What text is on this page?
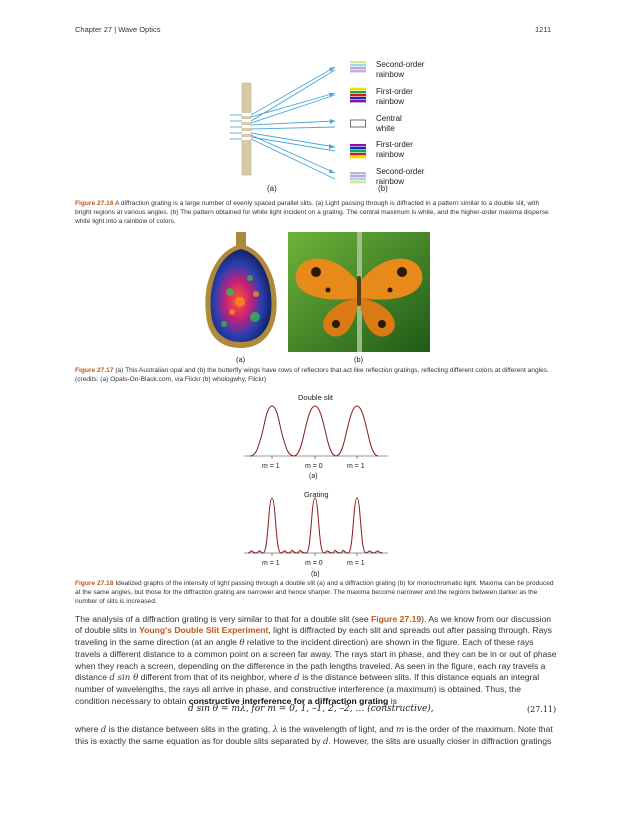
Chapter 27 | Wave Optics	1211
(a)	(b)
Second-order
rainbow
First-order
rainbow
Central
white
First-order
rainbow
Second-order
rainbow
Figure 27.16 A diffraction grating is a large number of evenly spaced parallel slits. (a) Light passing through is diffracted in a pattern similar to a double slit, with bright regions at various angles. (b) The pattern obtained for white light incident on a grating. The central maximum is white, and the higher-order maxima disperse white light into a rainbow of colors.
(a)	(b)
Figure 27.17 (a) This Australian opal and (b) the butterfly wings have rows of reflectors that act like reflection gratings, reflecting different colors at different angles. (credits: (a) Opals-On-Black.com, via Flickr (b) whologwhy, Flickr)
Double slit
m = 1	m = 0	m = 1
(a)
Grating
m = 1	m = 0	m = 1
(b)
Figure 27.18 Idealized graphs of the intensity of light passing through a double slit (a) and a diffraction grating (b) for monochromatic light. Maxima can be produced at the same angles, but those for the diffraction grating are narrower and hence sharper. The maxima become narrower and the regions between darker as the number of slits is increased.
The analysis of a diffraction grating is very similar to that for a double slit (see Figure 27.19). As we know from our discussion of double slits in Young's Double Slit Experiment, light is diffracted by each slit and spreads out after passing through. Rays traveling in the same direction (at an angle θ relative to the incident direction) are shown in the figure. Each of these rays travels a different distance to a common point on a screen far away. The rays start in phase, and they can be in or out of phase when they reach a screen, depending on the difference in the path lengths traveled. As seen in the figure, each ray travels a distance d sin θ different from that of its neighbor, where d is the distance between slits. If this distance equals an integral number of wavelengths, the rays all arrive in phase, and constructive interference (a maximum) is obtained. Thus, the condition necessary to obtain constructive interference for a diffraction grating is
d sin θ = mλ, for m = 0, 1, –1, 2, –2, … (constructive),	(27.11)
where d is the distance between slits in the grating, λ is the wavelength of light, and m is the order of the maximum. Note that this is exactly the same equation as for double slits separated by d. However, the slits are usually closer in diffraction gratings
